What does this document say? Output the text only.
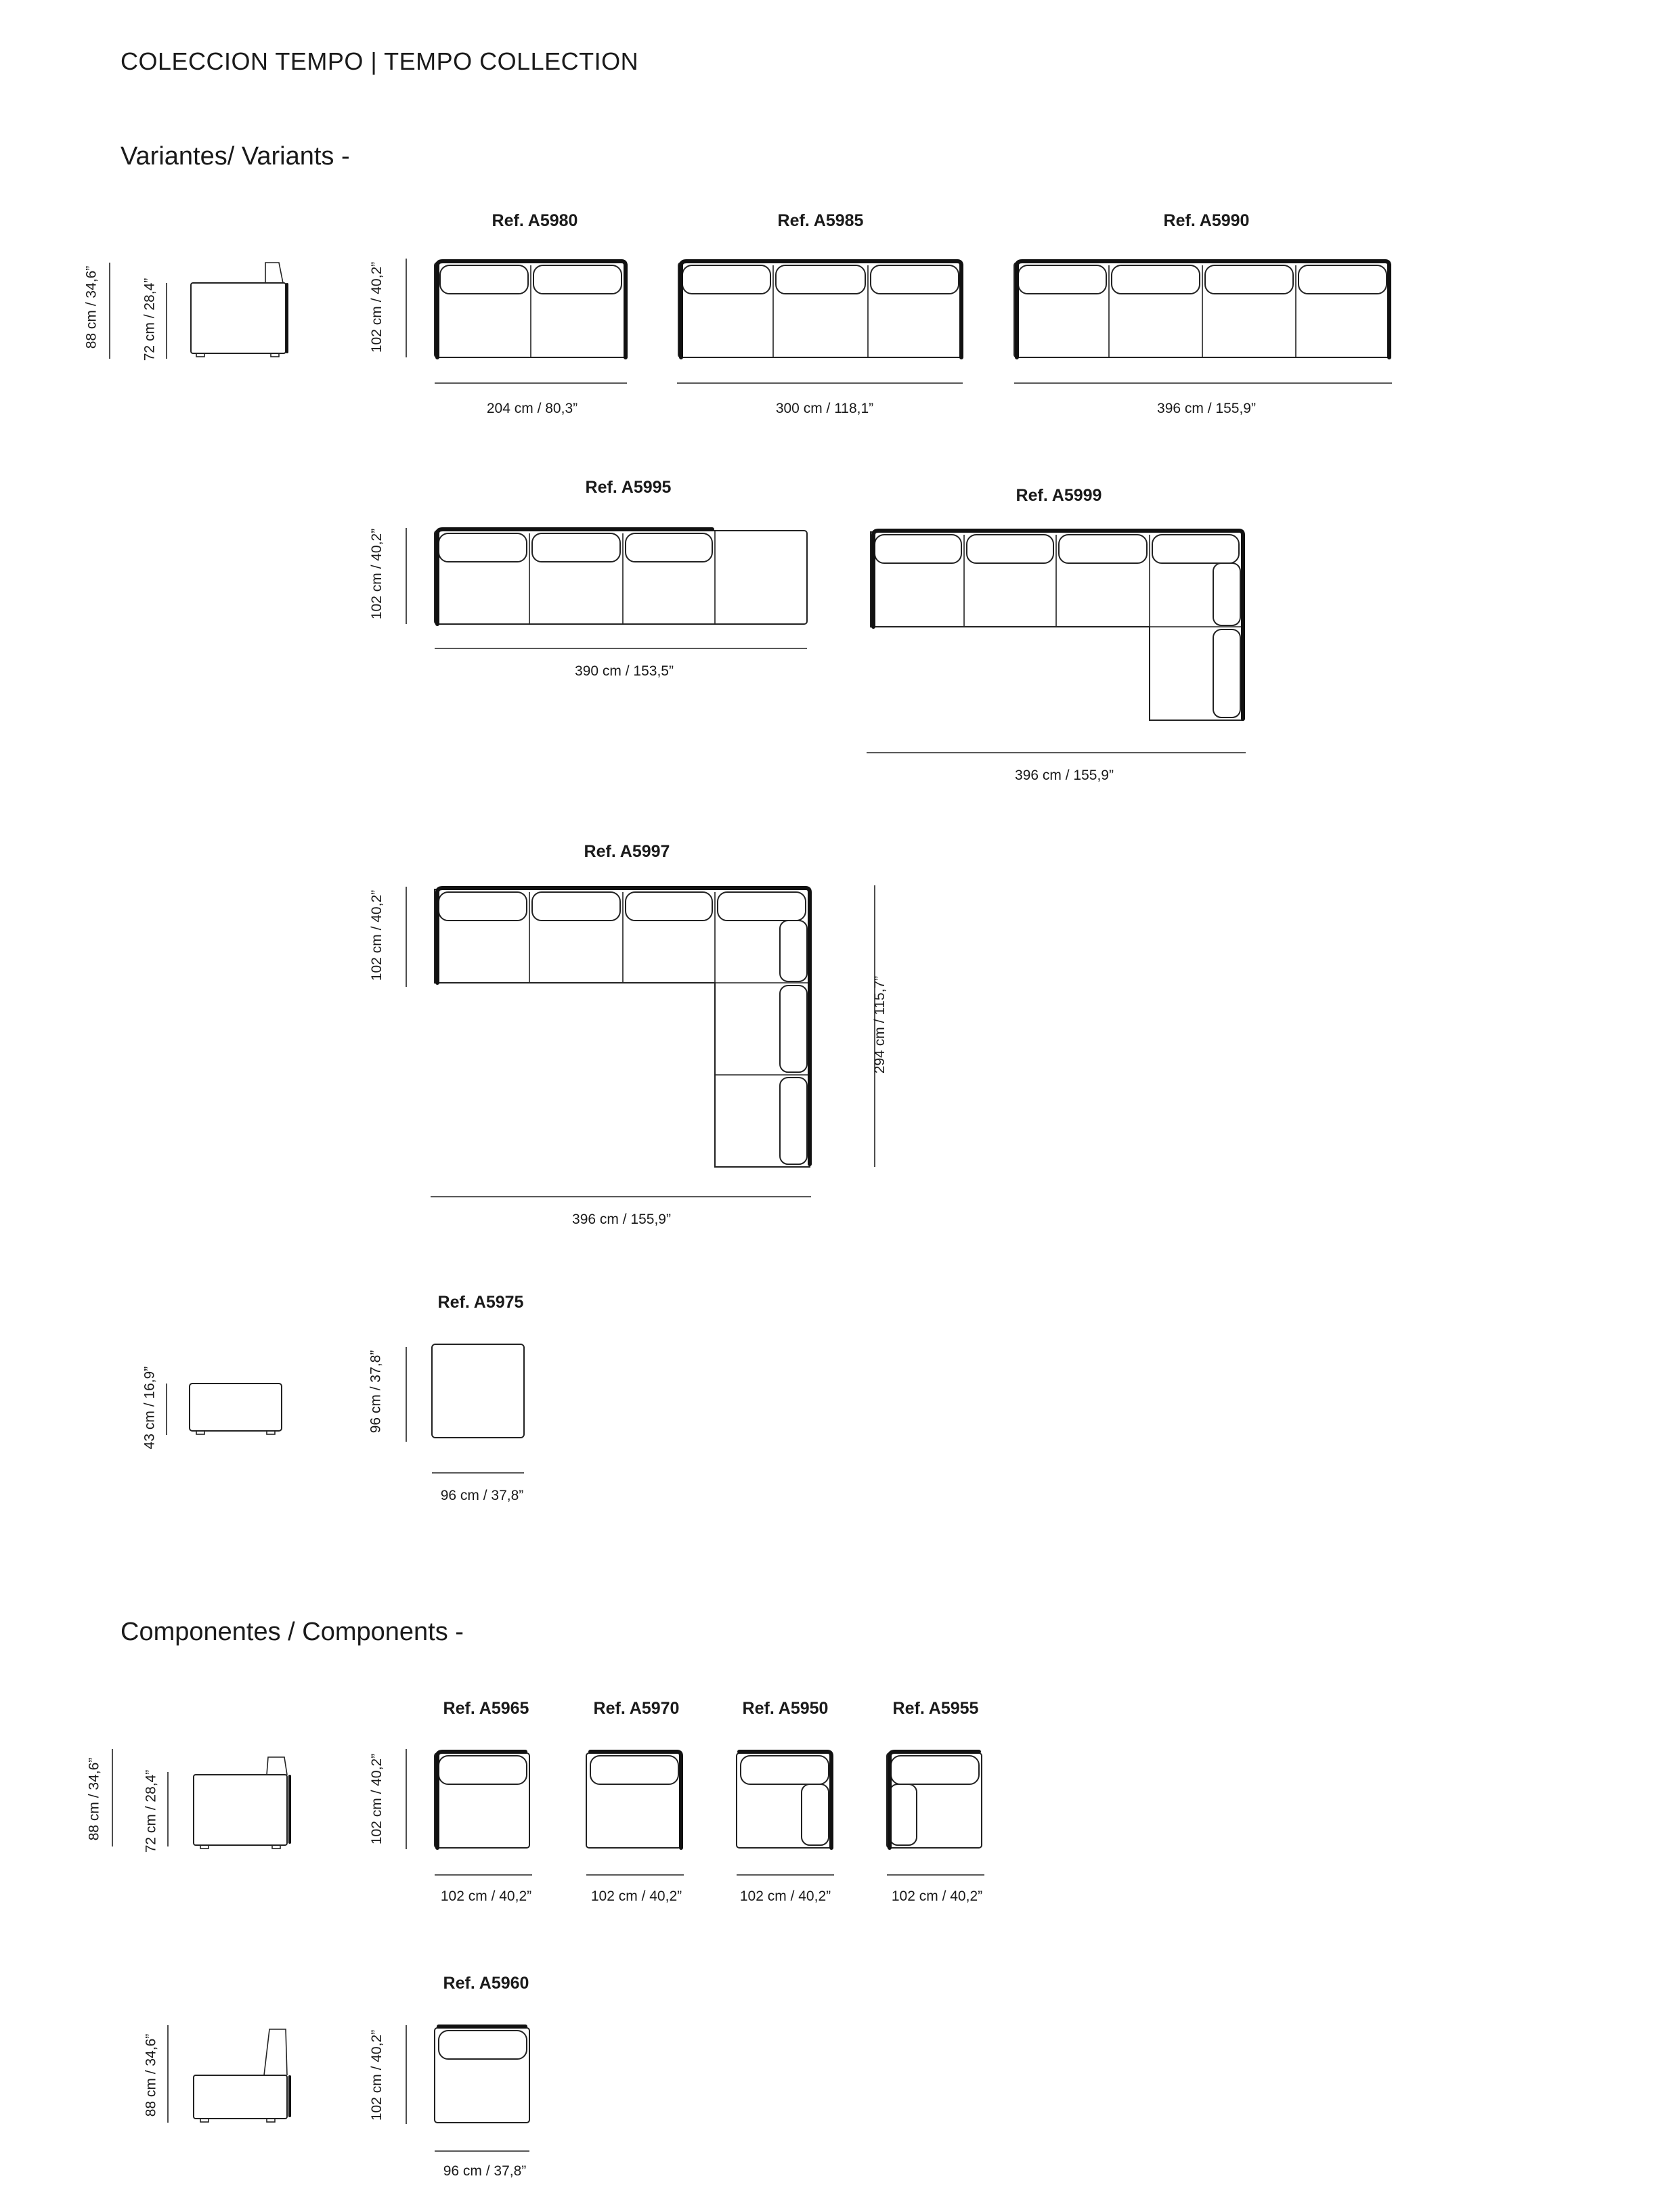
COLECCION TEMPO | TEMPO COLLECTION
Variantes/ Variants -
Componentes / Components -
Ref. A5980	Ref. A5985	Ref. A5990
Ref. A5995	Ref. A5999
Ref. A5997
Ref. A5975
204 cm / 80,3”	300 cm / 118,1”	396 cm / 155,9”
390 cm / 153,5”
396 cm / 155,9”
396 cm / 155,9”
96 cm / 37,8”
102 cm / 40,2”
102 cm / 40,2”
102 cm / 40,2”
294 cm / 115,7”
96 cm / 37,8”
88 cm / 34,6”	72 cm / 28,4”
43 cm / 16,9”
88 cm / 34,6”	72 cm / 28,4”
88 cm / 34,6”
Ref. A5965	Ref. A5970	Ref. A5950	Ref. A5955
Ref. A5960
102 cm / 40,2”	102 cm / 40,2”	102 cm / 40,2”	102 cm / 40,2”
96 cm / 37,8”
102 cm / 40,2”
102 cm / 40,2”
